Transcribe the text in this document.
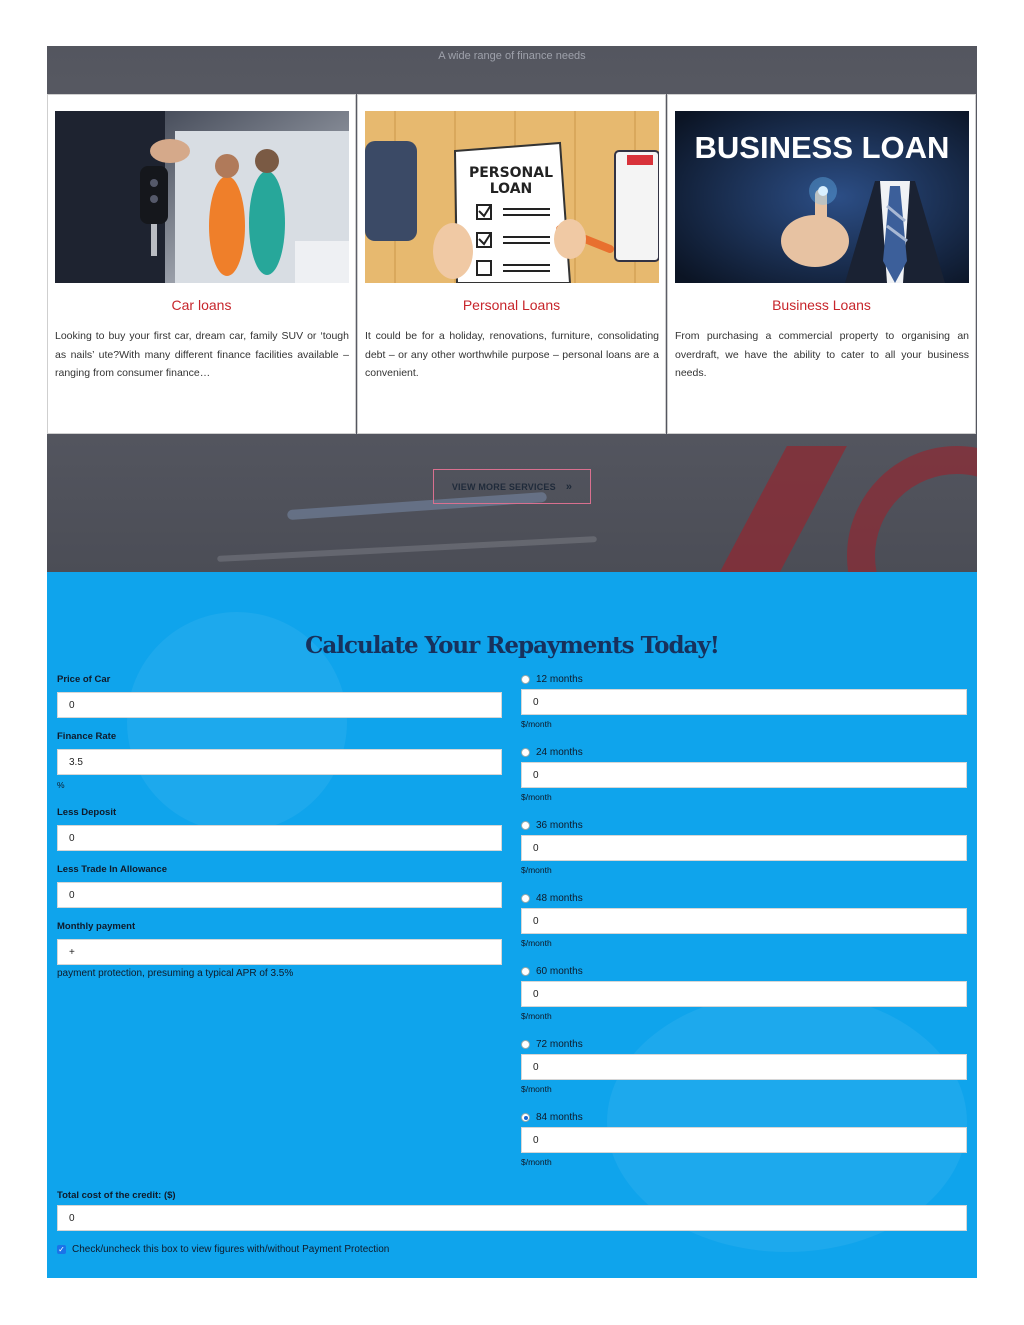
A wide range of finance needs
Car loans
Looking to buy your first car, dream car, family SUV or ‘tough as nails’ ute?With many different finance facilities available – ranging from consumer finance…
PERSONAL
LOAN
Personal Loans
It could be for a holiday, renovations, furniture, consolidating debt – or any other worthwhile purpose – personal loans are a convenient.
BUSINESS LOAN
Business Loans
From purchasing a commercial property to organising an overdraft, we have the ability to cater to all your business needs.
VIEW MORE SERVICES »
Calculate Your Repayments Today!
Price of Car
0
Finance Rate
3.5
%
Less Deposit
0
Less Trade In Allowance
0
Monthly payment
+
payment protection, presuming a typical APR of 3.5%
12 months
0
$/month
24 months
0
$/month
36 months
0
$/month
48 months
0
$/month
60 months
0
$/month
72 months
0
$/month
84 months
0
$/month
Total cost of the credit: ($)
0
✓ Check/uncheck this box to view figures with/without Payment Protection
